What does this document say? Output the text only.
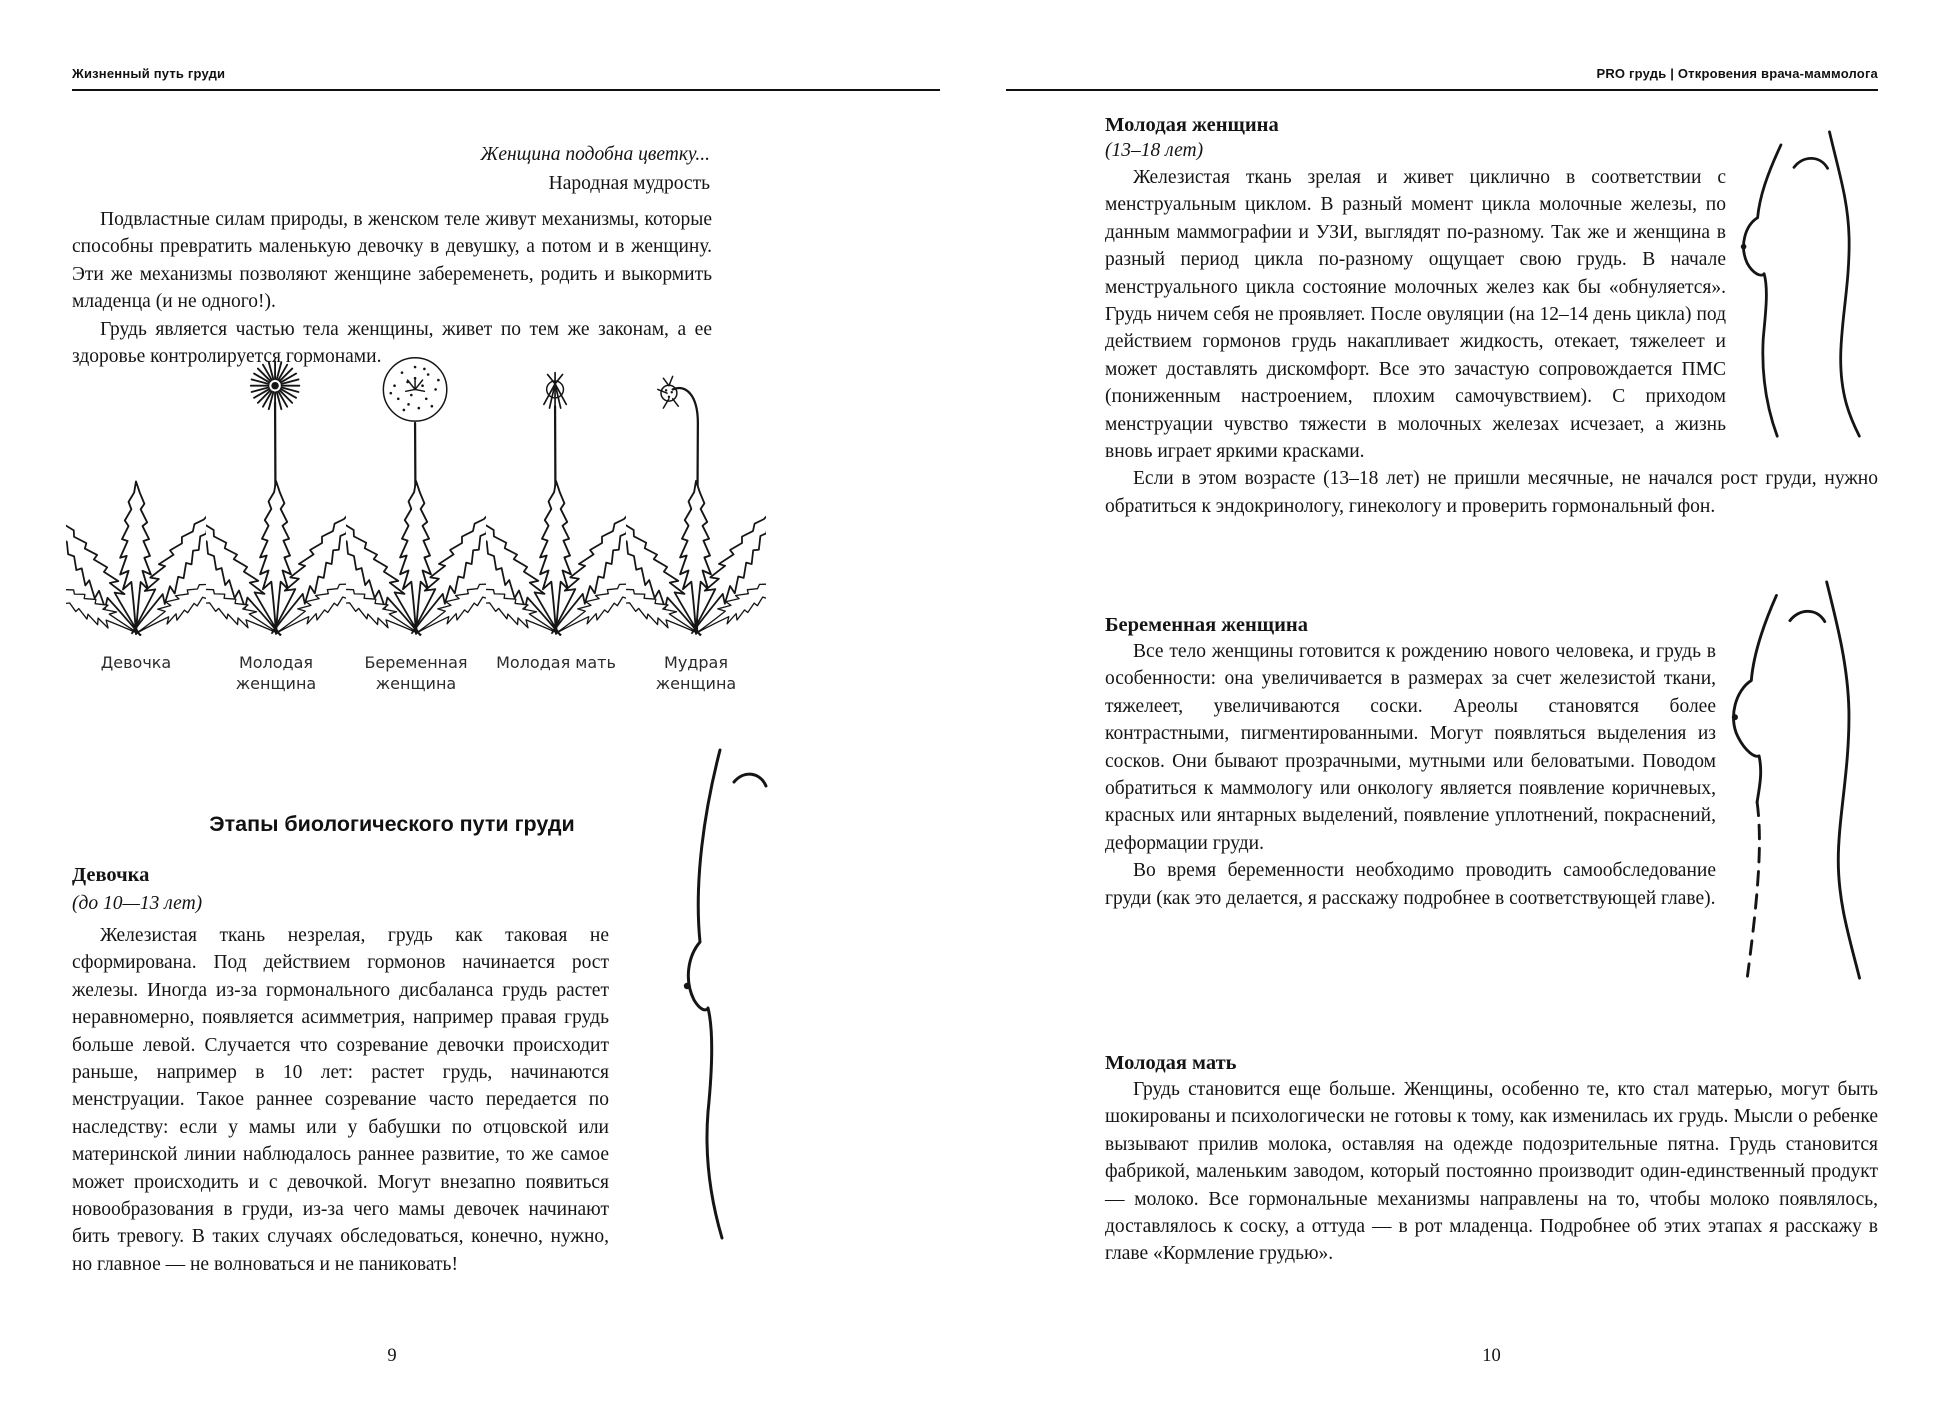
Жизненный путь груди
Женщина подобна цветку...
Народная мудрость

Подвластные силам природы, в женском теле живут механизмы, которые способны превратить маленькую девочку в девушку, а потом и в женщину. Эти же механизмы позволяют женщине забеременеть, родить и выкормить младенца (и не одного!).

Грудь является частью тела женщины, живет по тем же законам, а ее здоровье контролируется гормонами.

Девочка	Молодая женщина
Беременная женщина
Молодая мать	Мудрая женщина
Этапы биологического пути груди
Девочка
(до 10—13 лет)

Железистая ткань незрелая, грудь как таковая не сформирована. Под действием гормонов начинается рост железы. Иногда из-за гормонального дисбаланса грудь растет неравномерно, появляется асимметрия, например правая грудь больше левой. Случается что созревание девочки происходит раньше, например в 10 лет: растет грудь, начинаются менструации. Такое раннее созревание часто передается по наследству: если у мамы или у бабушки по отцовской или материнской линии наблюдалось раннее развитие, то же самое может происходить и с девочкой. Могут внезапно появиться новообразования в груди, из-за чего мамы девочек начинают бить тревогу. В таких случаях обследоваться, конечно, нужно, но главное — не волноваться и не паниковать!

9
PRO грудь | Откровения врача-маммолога
Молодая женщина
(13–18 лет)

Железистая ткань зрелая и живет циклично в соответствии с менструальным циклом. В разный момент цикла молочные железы, по данным маммографии и УЗИ, выглядят по-разному. Так же и женщина в разный период цикла по-разному ощущает свою грудь. В начале менструального цикла состояние молочных желез как бы «обнуляется». Грудь ничем себя не проявляет. После овуляции (на 12–14 день цикла) под действием гормонов грудь накапливает жидкость, отекает, тяжелеет и может доставлять дискомфорт. Все это зачастую сопровождается ПМС (пониженным настроением, плохим самочувствием). С приходом менструации чувство тяжести в молочных железах исчезает, а жизнь вновь играет яркими красками.

Если в этом возрасте (13–18 лет) не пришли месячные, не начался рост груди, нужно обратиться к эндокринологу, гинекологу и проверить гормональный фон.

Беременная женщина

Все тело женщины готовится к рождению нового человека, и грудь в особенности: она увеличивается в размерах за счет железистой ткани, тяжелеет, увеличиваются соски. Ареолы становятся более контрастными, пигментированными. Могут появляться выделения из сосков. Они бывают прозрачными, мутными или беловатыми. Поводом обратиться к маммологу или онкологу является появление коричневых, красных или янтарных выделений, появление уплотнений, покраснений, деформации груди.

Во время беременности необходимо проводить самообследование груди (как это делается, я расскажу подробнее в соответствующей главе).

Молодая мать

Грудь становится еще больше. Женщины, особенно те, кто стал матерью, могут быть шокированы и психологически не готовы к тому, как изменилась их грудь. Мысли о ребенке вызывают прилив молока, оставляя на одежде подозрительные пятна. Грудь становится фабрикой, маленьким заводом, который постоянно производит один-единственный продукт — молоко. Все гормональные механизмы направлены на то, чтобы молоко появлялось, доставлялось к соску, а оттуда — в рот младенца. Подробнее об этих этапах я расскажу в главе «Кормление грудью».

10
